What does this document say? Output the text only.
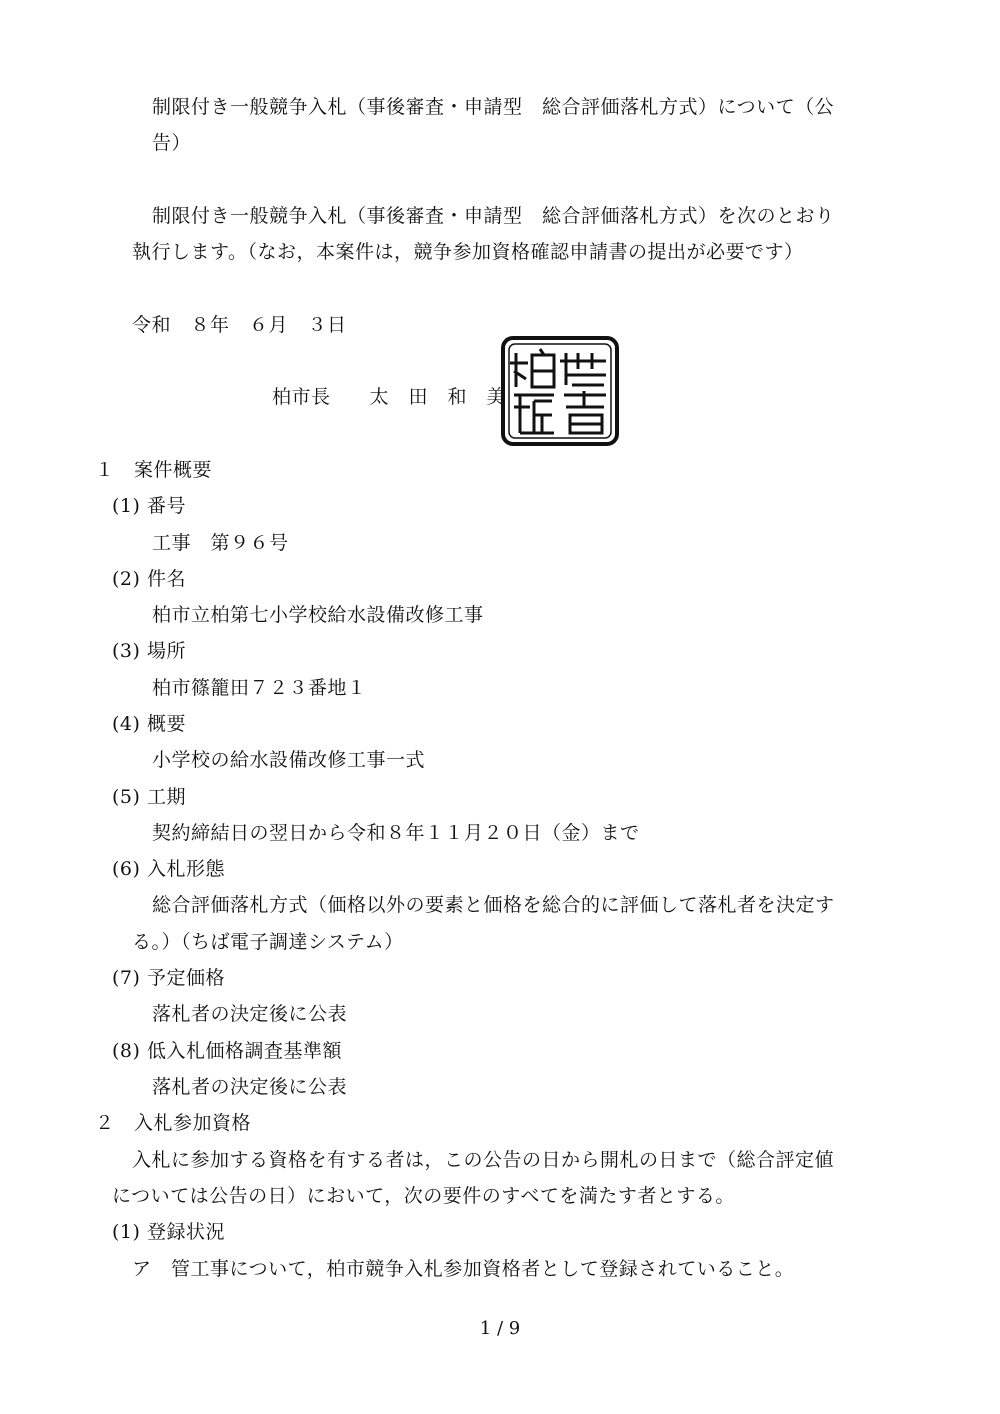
制限付き一般競争入札（事後審査・申請型　総合評価落札方式）について（公
告）
制限付き一般競争入札（事後審査・申請型　総合評価落札方式）を次のとおり
執行します。（なお，本案件は，競争参加資格確認申請書の提出が必要です）
令和　８年　６月　３日
柏市長　　太　田　和　美
１　案件概要
(1) 番号
工事　第９６号
(2) 件名
柏市立柏第七小学校給水設備改修工事
(3) 場所
柏市篠籠田７２３番地１
(4) 概要
小学校の給水設備改修工事一式
(5) 工期
契約締結日の翌日から令和８年１１月２０日（金）まで
(6) 入札形態
総合評価落札方式（価格以外の要素と価格を総合的に評価して落札者を決定す
る。）（ちば電子調達システム）
(7) 予定価格
落札者の決定後に公表
(8) 低入札価格調査基準額
落札者の決定後に公表
２　入札参加資格
入札に参加する資格を有する者は，この公告の日から開札の日まで（総合評定値
については公告の日）において，次の要件のすべてを満たす者とする。
(1) 登録状況
ア　管工事について，柏市競争入札参加資格者として登録されていること。
1 / 9
